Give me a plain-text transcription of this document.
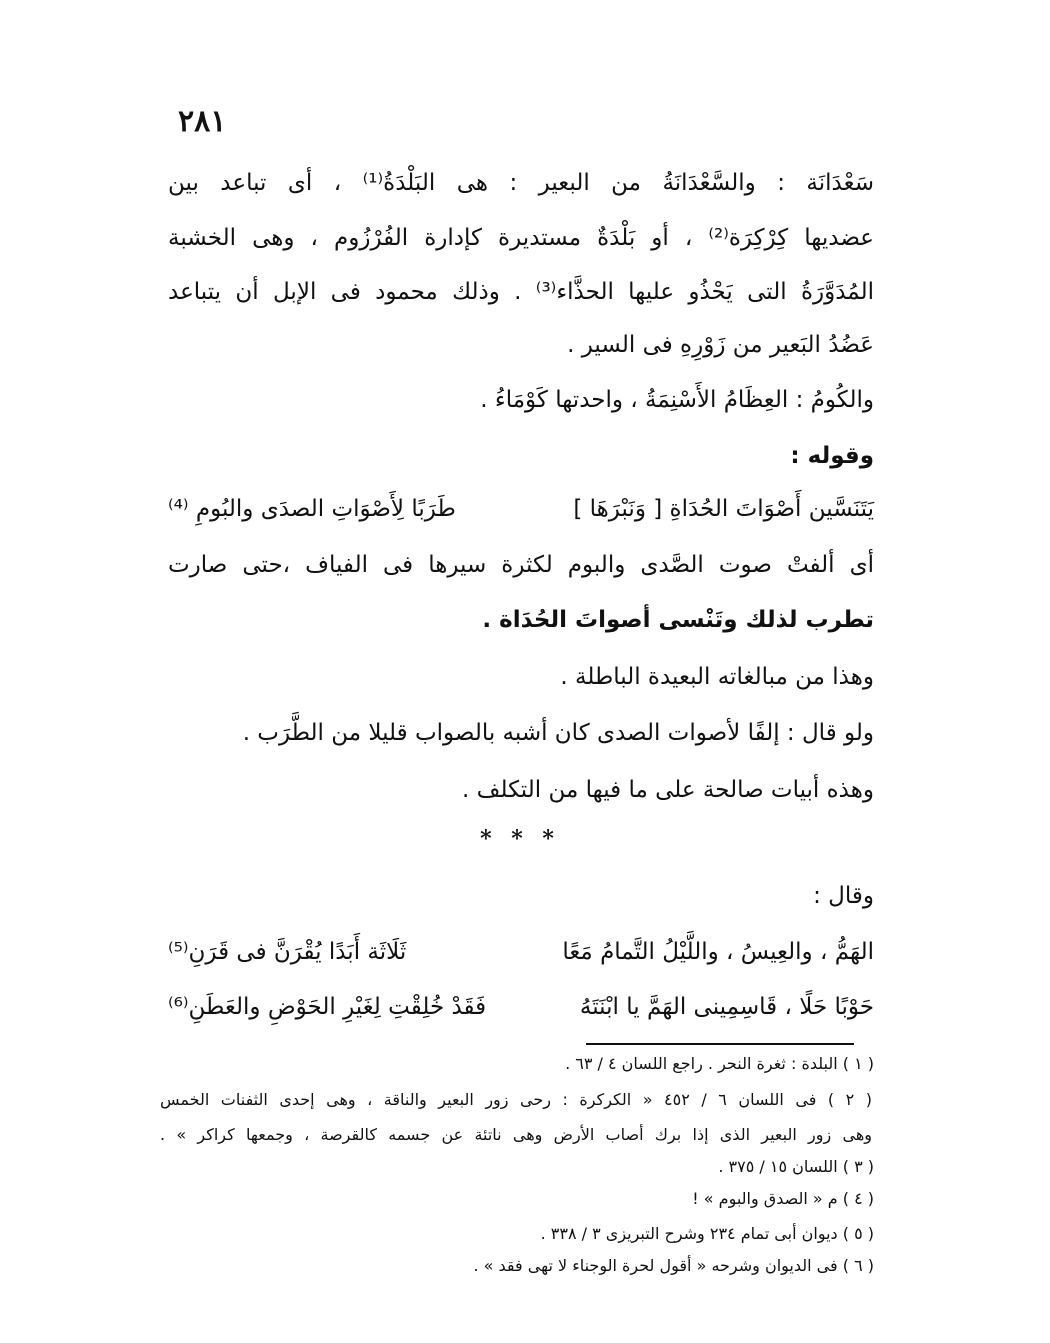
٢٨١
سَعْدَانَة : والسَّعْدَانَةُ من البعير : هى البَلْدَةُ⁽¹⁾ ، أى تباعد بين
عضديها كِرْكِرَة⁽²⁾ ، أو بَلْدَةٌ مستديرة كإدارة الفُرْزُوم ، وهى الخشبة
المُدَوَّرَةُ التى يَحْذُو عليها الحذَّاء⁽³⁾ . وذلك محمود فى الإبل أن يتباعد
عَضُدُ البَعير من زَوْرِهِ فى السير .
والكُومُ : العِظَامُ الأَسْنِمَةُ ، واحدتها كَوْمَاءُ .
وقوله :
يَتَنَسَّين أَصْوَاتَ الحُدَاةِ [ وَنَبْرَهَا ]
طَرَبًا لِأَصْوَاتِ الصدَى والبُومِ ⁽⁴⁾
أى ألفتْ صوت الصَّدى والبوم لكثرة سيرها فى الفياف ،حتى صارت
تطرب لذلك وتَنْسى أصواتَ الحُدَاة .
وهذا من مبالغاته البعيدة الباطلة .
ولو قال : إلفًا لأصوات الصدى كان أشبه بالصواب قليلا من الطَّرَب .
وهذه أبيات صالحة على ما فيها من التكلف .
* * *
وقال :
الهَمُّ ، والعِيسُ ، واللَّيْلُ التَّمامُ مَعًا
ثَلَاثَة أَبَدًا يُقْرَنَّ فى قَرَنِ⁽⁵⁾
حَوْبًا حَلًا ، قَاسِمِينى الهَمَّ يا ابْنَتَهُ
فَقَدْ خُلِقْتِ لِغَيْرِ الحَوْضِ والعَطَنِ⁽⁶⁾
( ١ ) البلدة : ثغرة النحر . راجع اللسان ٤ / ٦٣ .
( ٢ ) فى اللسان ٦ / ٤٥٢ « الكركرة : رحى زور البعير والناقة ، وهى إحدى الثفنات الخمس
وهى زور البعير الذى إذا برك أصاب الأرض وهى ناتئة عن جسمه كالقرصة ، وجمعها كراكر » .
( ٣ ) اللسان ١٥ / ٣٧٥ .
( ٤ ) م « الصدق والبوم » !
( ٥ ) ديوان أبى تمام ٢٣٤ وشرح التبريزى ٣ / ٣٣٨ .
( ٦ ) فى الديوان وشرحه « أقول لحرة الوجناء لا تهى فقد » .
